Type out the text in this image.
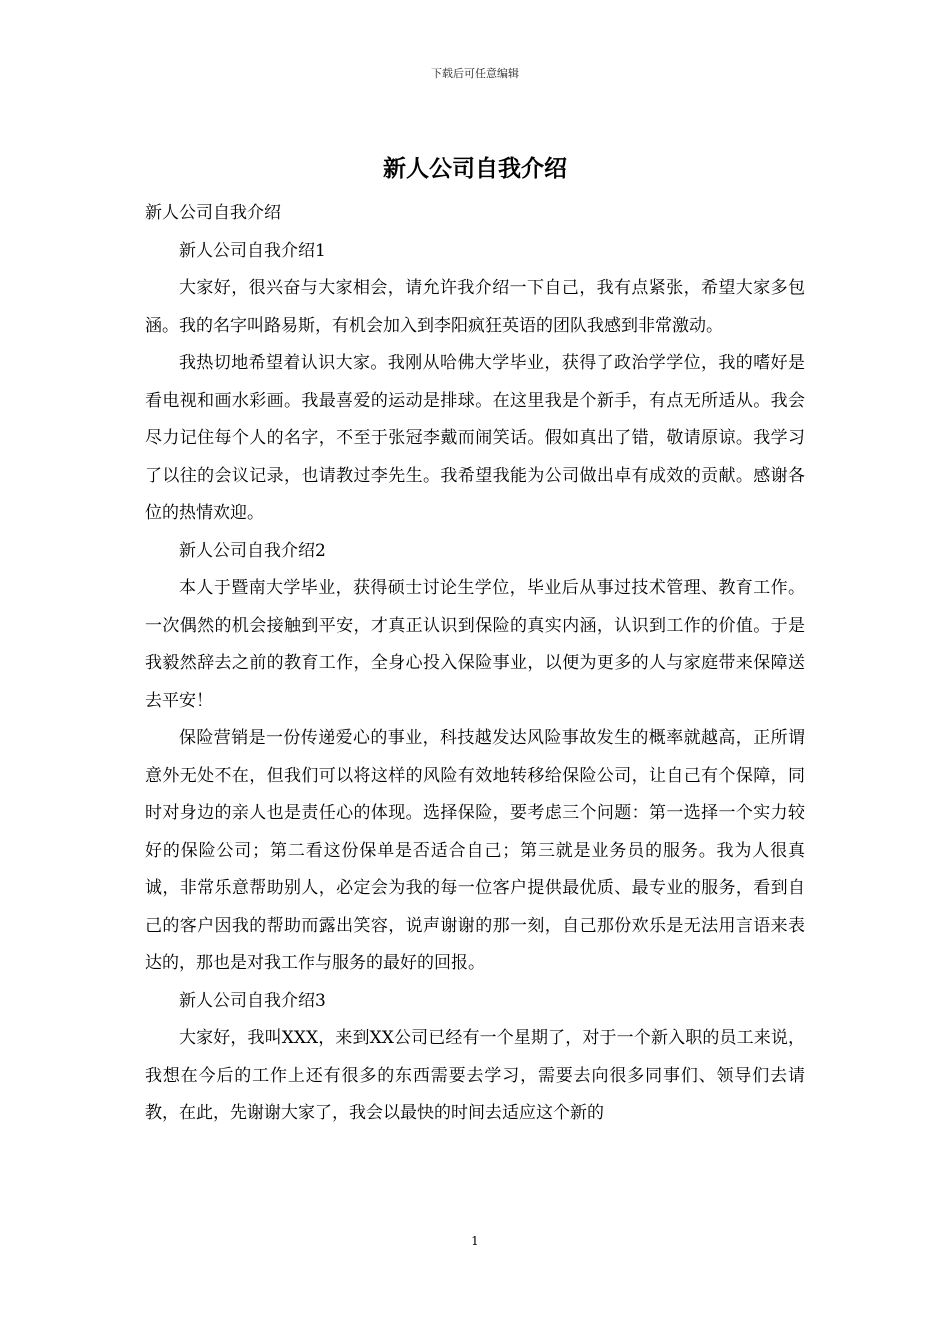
下载后可任意编辑
新人公司自我介绍

新人公司自我介绍

新人公司自我介绍1

大家好，很兴奋与大家相会，请允许我介绍一下自己，我有点紧张，希望大家多包涵。我的名字叫路易斯，有机会加入到李阳疯狂英语的团队我感到非常激动。

我热切地希望着认识大家。我刚从哈佛大学毕业，获得了政治学学位，我的嗜好是看电视和画水彩画。我最喜爱的运动是排球。在这里我是个新手，有点无所适从。我会尽力记住每个人的名字，不至于张冠李戴而闹笑话。假如真出了错，敬请原谅。我学习了以往的会议记录，也请教过李先生。我希望我能为公司做出卓有成效的贡献。感谢各位的热情欢迎。

新人公司自我介绍2

本人于暨南大学毕业，获得硕士讨论生学位，毕业后从事过技术管理、教育工作。一次偶然的机会接触到平安，才真正认识到保险的真实内涵，认识到工作的价值。于是我毅然辞去之前的教育工作，全身心投入保险事业，以便为更多的人与家庭带来保障送去平安！

保险营销是一份传递爱心的事业，科技越发达风险事故发生的概率就越高，正所谓意外无处不在，但我们可以将这样的风险有效地转移给保险公司，让自己有个保障，同时对身边的亲人也是责任心的体现。选择保险，要考虑三个问题：第一选择一个实力较好的保险公司；第二看这份保单是否适合自己；第三就是业务员的服务。我为人很真诚，非常乐意帮助别人，必定会为我的每一位客户提供最优质、最专业的服务，看到自己的客户因我的帮助而露出笑容，说声谢谢的那一刻，自己那份欢乐是无法用言语来表达的，那也是对我工作与服务的最好的回报。

新人公司自我介绍3

大家好，我叫XXX，来到XX公司已经有一个星期了，对于一个新入职的员工来说，我想在今后的工作上还有很多的东西需要去学习，需要去向很多同事们、领导们去请教，在此，先谢谢大家了，我会以最快的时间去适应这个新的

1
